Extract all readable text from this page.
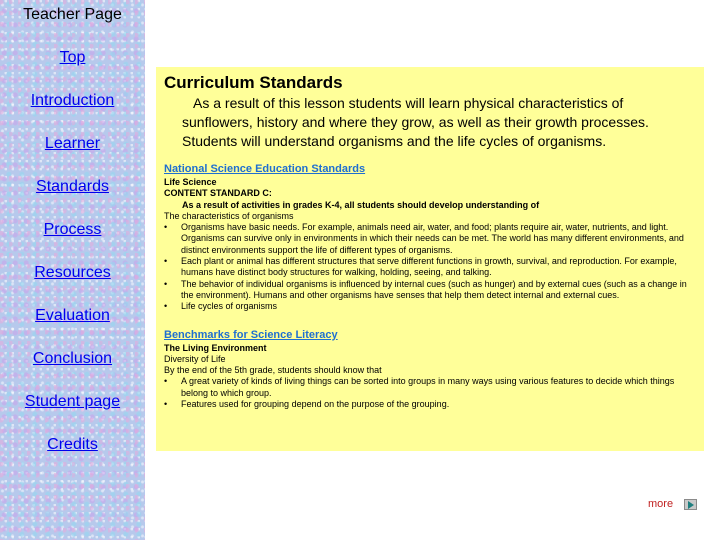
Teacher Page
Top
Introduction
Learner
Standards
Process
Resources
Evaluation
Conclusion
Student page
Credits
Curriculum Standards
As a result of this lesson students will learn physical characteristics of sunflowers, history and where they grow, as well as their growth processes. Students will understand organisms and the life cycles of organisms.
National Science Education Standards
Life Science
CONTENT STANDARD C:
As a result of activities in grades K-4, all students should develop understanding of
The characteristics of organisms
• Organisms have basic needs. For example, animals need air, water, and food; plants require air, water, nutrients, and light. Organisms can survive only in environments in which their needs can be met. The world has many different environments, and distinct environments support the life of different types of organisms.
• Each plant or animal has different structures that serve different functions in growth, survival, and reproduction. For example, humans have distinct body structures for walking, holding, seeing, and talking.
• The behavior of individual organisms is influenced by internal cues (such as hunger) and by external cues (such as a change in the environment). Humans and other organisms have senses that help them detect internal and external cues.
• Life cycles of organisms
Benchmarks for Science Literacy
The Living Environment
Diversity of Life
By the end of the 5th grade, students should know that
• A great variety of kinds of living things can be sorted into groups in many ways using various features to decide which things belong to which group.
• Features used for grouping depend on the purpose of the grouping.
more
